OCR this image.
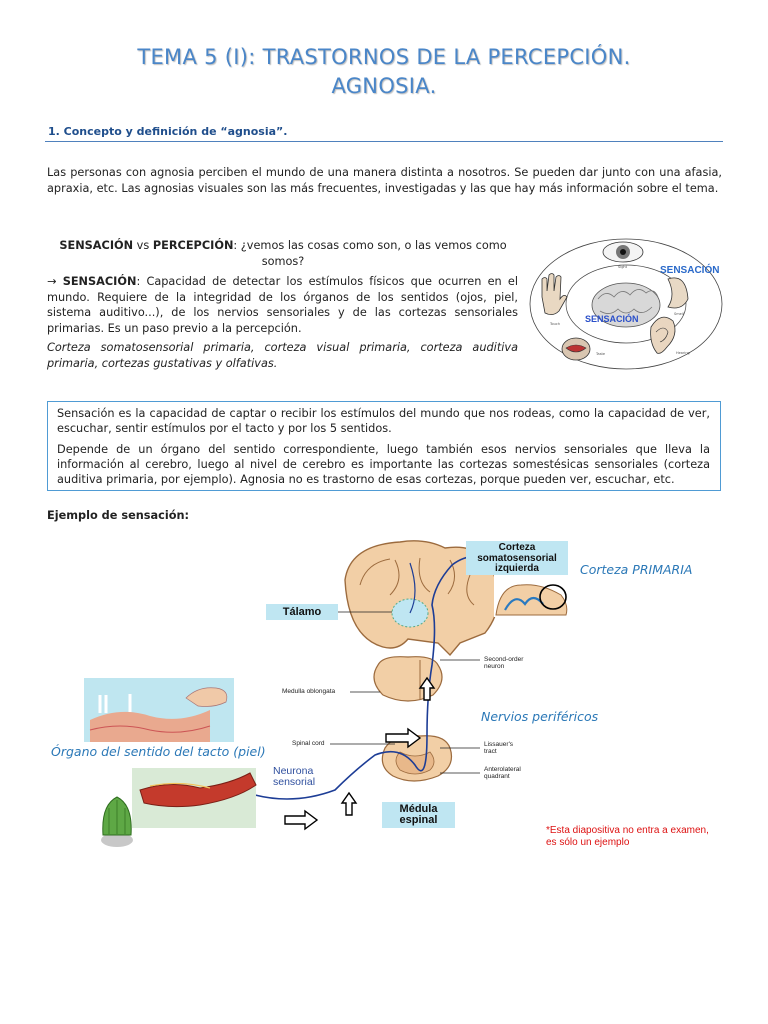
TEMA 5 (I): TRASTORNOS DE LA PERCEPCIÓN.
AGNOSIA.
1. Concepto y definición de “agnosia”.
Las personas con agnosia perciben el mundo de una manera distinta a nosotros. Se pueden dar junto con una afasia, apraxia, etc. Las agnosias visuales son las más frecuentes, investigadas y las que hay más información sobre el tema.
SENSACIÓN vs PERCEPCIÓN: ¿vemos las cosas como son, o las vemos como somos?
→ SENSACIÓN: Capacidad de detectar los estímulos físicos que ocurren en el mundo. Requiere de la integridad de los órganos de los sentidos (ojos, piel, sistema auditivo...), de los nervios sensoriales y de las cortezas sensoriales primarias. Es un paso previo a la percepción.
Corteza somatosensorial primaria, corteza visual primaria, corteza auditiva primaria, cortezas gustativas y olfativas.
SENSACIÓN
SENSACIÓN
Sight
Smell
Hearing
Taste
Touch

Sensación es la capacidad de captar o recibir los estímulos del mundo que nos rodeas, como la capacidad de ver, escuchar, sentir estímulos por el tacto y por los 5 sentidos.

Depende de un órgano del sentido correspondiente, luego también esos nervios sensoriales que lleva la información al cerebro, luego al nivel de cerebro es importante las cortezas somestésicas sensoriales (corteza auditiva primaria, por ejemplo). Agnosia no es trastorno de esas cortezas, porque pueden ver, escuchar, etc.

Ejemplo de sensación:
Corteza somatosensorial izquierda	Corteza PRIMARIA
Tálamo
Second-order neuron
Medulla oblongata
Nervios periféricos
Spinal cord	Lissauer's tract
Anterolateral quadrant
Órgano del sentido del tacto (piel)
Neurona sensorial
Médula espinal
*Esta diapositiva no entra a examen, es sólo un ejemplo
